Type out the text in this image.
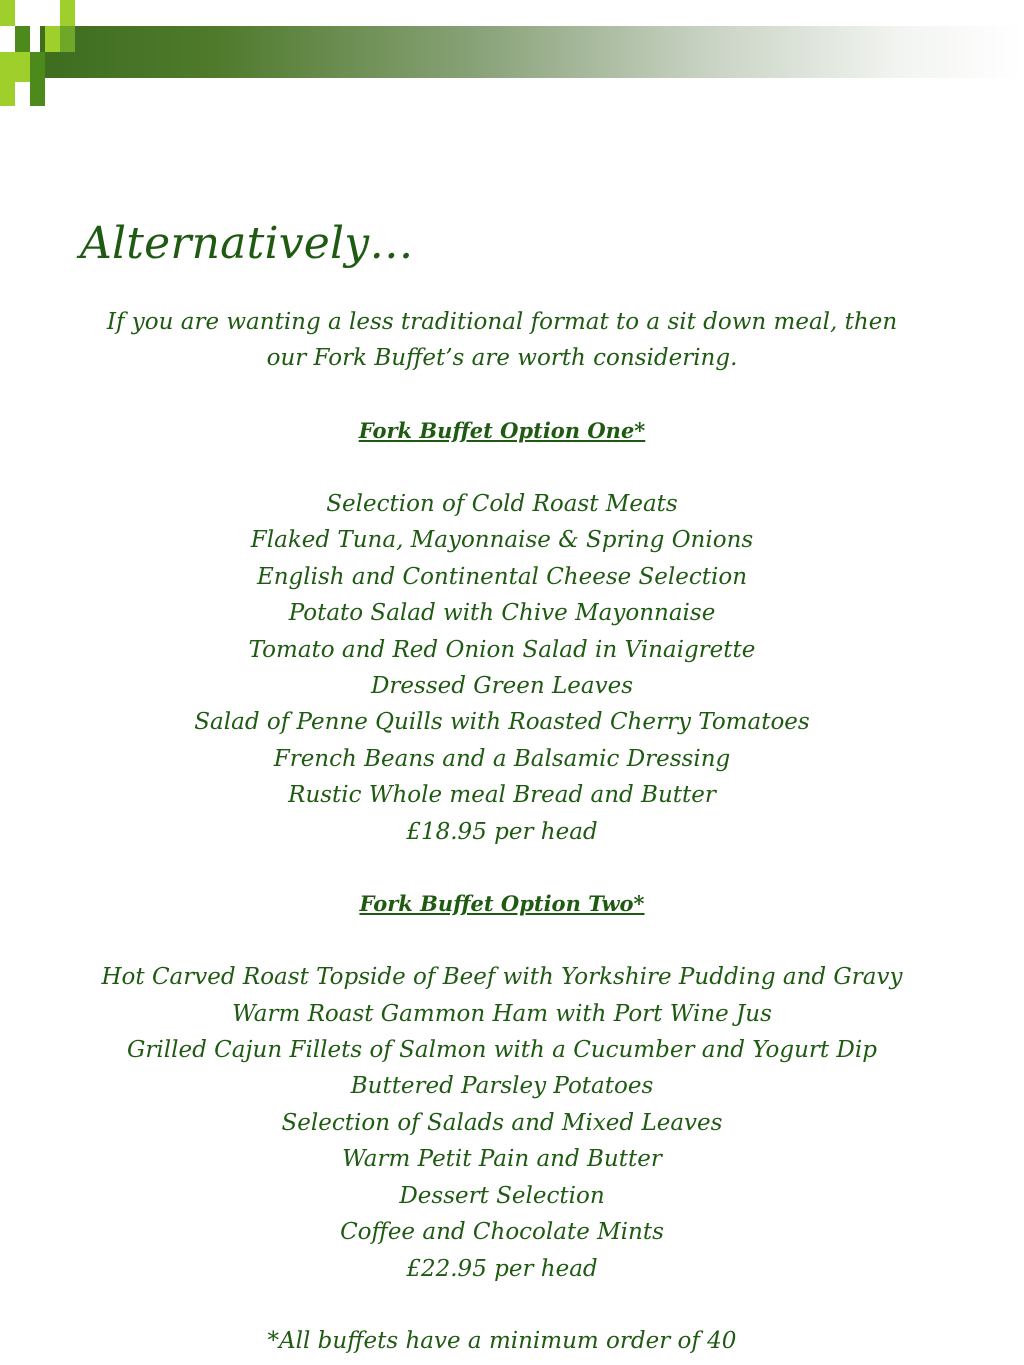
Alternatively…

If you are wanting a less traditional format to a sit down meal, then

our Fork Buffet’s are worth considering.

Fork Buffet Option One*

Selection of Cold Roast Meats

Flaked Tuna, Mayonnaise & Spring Onions

English and Continental Cheese Selection

Potato Salad with Chive Mayonnaise

Tomato and Red Onion Salad in Vinaigrette

Dressed Green Leaves

Salad of Penne Quills with Roasted Cherry Tomatoes

French Beans and a Balsamic Dressing

Rustic Whole meal Bread and Butter

£18.95 per head

Fork Buffet Option Two*

Hot Carved Roast Topside of Beef with Yorkshire Pudding and Gravy

Warm Roast Gammon Ham with Port Wine Jus

Grilled Cajun Fillets of Salmon with a Cucumber and Yogurt Dip

Buttered Parsley Potatoes

Selection of Salads and Mixed Leaves

Warm Petit Pain and Butter

Dessert Selection

Coffee and Chocolate Mints

£22.95 per head

*All buffets have a minimum order of 40
